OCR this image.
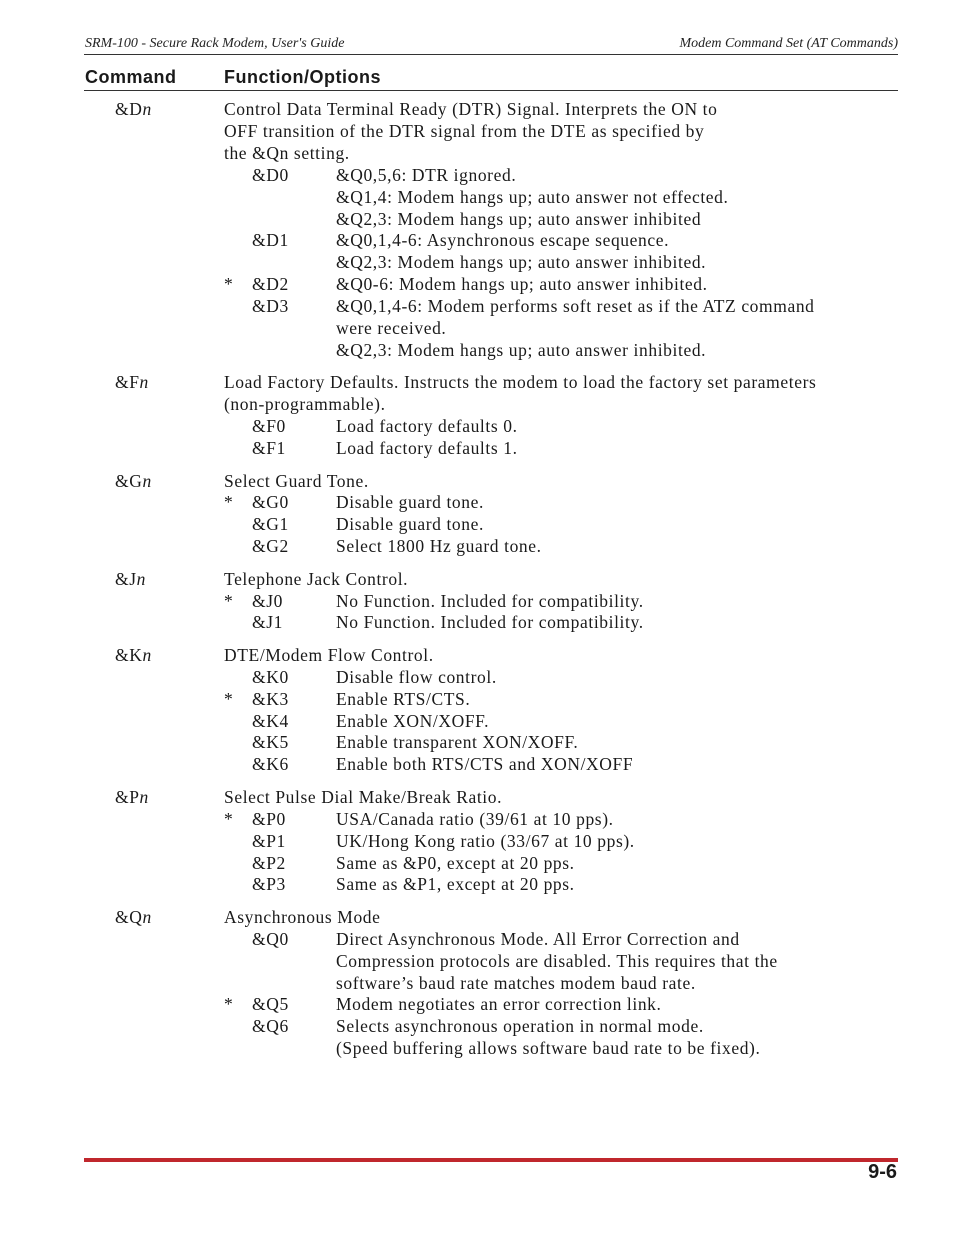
SRM-100 - Secure Rack Modem, User's Guide	Modem Command Set (AT Commands)
Command	Function/Options
&Dn	Control Data Terminal Ready (DTR) Signal. Interprets the ON to
OFF transition of the DTR signal from the DTE as specified by
the &Qn setting.
&D0	&Q0,5,6: DTR ignored.
&Q1,4: Modem hangs up; auto answer not effected.
&Q2,3: Modem hangs up; auto answer inhibited
&D1	&Q0,1,4-6: Asynchronous escape sequence.
&Q2,3: Modem hangs up; auto answer inhibited.
* &D2	&Q0-6: Modem hangs up; auto answer inhibited.
&D3	&Q0,1,4-6: Modem performs soft reset as if the ATZ command
were received.
&Q2,3: Modem hangs up; auto answer inhibited.
&Fn	Load Factory Defaults. Instructs the modem to load the factory set parameters
(non-programmable).
&F0	Load factory defaults 0.
&F1	Load factory defaults 1.
&Gn	Select Guard Tone.
* &G0	Disable guard tone.
&G1	Disable guard tone.
&G2	Select 1800 Hz guard tone.
&Jn	Telephone Jack Control.
* &J0	No Function. Included for compatibility.
&J1	No Function. Included for compatibility.
&Kn	DTE/Modem Flow Control.
&K0	Disable flow control.
* &K3	Enable RTS/CTS.
&K4	Enable XON/XOFF.
&K5	Enable transparent XON/XOFF.
&K6	Enable both RTS/CTS and XON/XOFF
&Pn	Select Pulse Dial Make/Break Ratio.
* &P0	USA/Canada ratio (39/61 at 10 pps).
&P1	UK/Hong Kong ratio (33/67 at 10 pps).
&P2	Same as &P0, except at 20 pps.
&P3	Same as &P1, except at 20 pps.
&Qn	Asynchronous Mode
&Q0	Direct Asynchronous Mode. All Error Correction and
Compression protocols are disabled. This requires that the
software’s baud rate matches modem baud rate.
* &Q5	Modem negotiates an error correction link.
&Q6	Selects asynchronous operation in normal mode.
(Speed buffering allows software baud rate to be fixed).
9-6
